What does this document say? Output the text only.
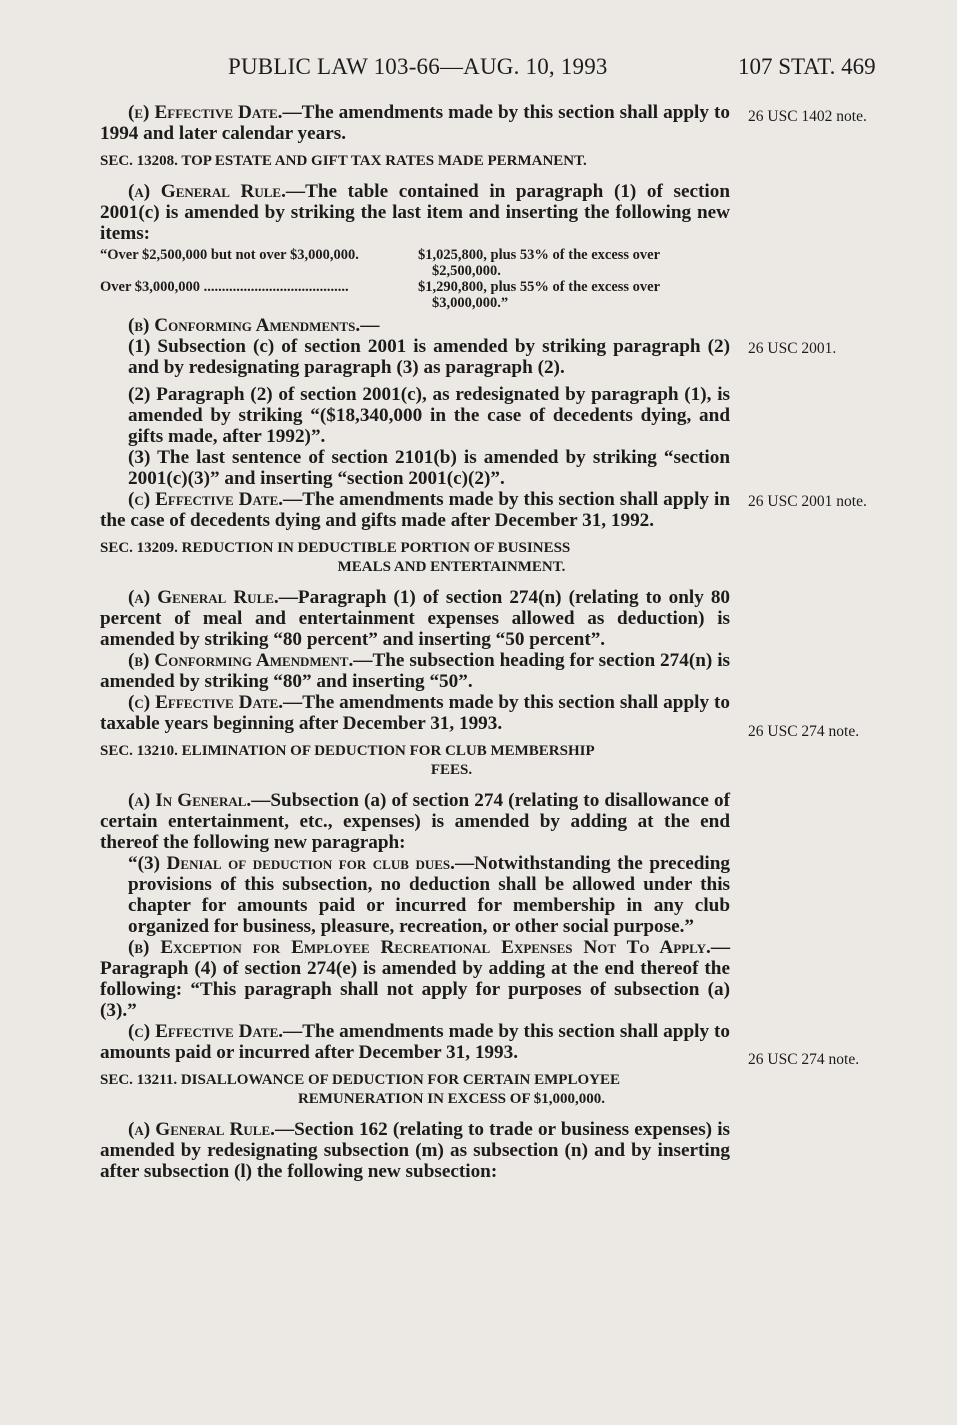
PUBLIC LAW 103-66—AUG. 10, 1993	107 STAT. 469
26 USC 1402 note.
26 USC 2001.
26 USC 2001 note.
26 USC 274 note.
26 USC 274 note.

(e) Effective Date.—The amendments made by this section shall apply to 1994 and later calendar years.

SEC. 13208. TOP ESTATE AND GIFT TAX RATES MADE PERMANENT.

(a) General Rule.—The table contained in paragraph (1) of section 2001(c) is amended by striking the last item and inserting the following new items:

“Over $2,500,000 but not over $3,000,000.	$1,025,800, plus 53% of the excess over $2,500,000.

Over $3,000,000 ........................................	$1,290,800, plus 55% of the excess over $3,000,000.”

(b) Conforming Amendments.—

(1) Subsection (c) of section 2001 is amended by striking paragraph (2) and by redesignating paragraph (3) as paragraph (2).

(2) Paragraph (2) of section 2001(c), as redesignated by paragraph (1), is amended by striking “($18,340,000 in the case of decedents dying, and gifts made, after 1992)”.

(3) The last sentence of section 2101(b) is amended by striking “section 2001(c)(3)” and inserting “section 2001(c)(2)”.

(c) Effective Date.—The amendments made by this section shall apply in the case of decedents dying and gifts made after December 31, 1992.

SEC. 13209. REDUCTION IN DEDUCTIBLE PORTION OF BUSINESS
MEALS AND ENTERTAINMENT.

(a) General Rule.—Paragraph (1) of section 274(n) (relating to only 80 percent of meal and entertainment expenses allowed as deduction) is amended by striking “80 percent” and inserting “50 percent”.

(b) Conforming Amendment.—The subsection heading for section 274(n) is amended by striking “80” and inserting “50”.

(c) Effective Date.—The amendments made by this section shall apply to taxable years beginning after December 31, 1993.

SEC. 13210. ELIMINATION OF DEDUCTION FOR CLUB MEMBERSHIP
FEES.

(a) In General.—Subsection (a) of section 274 (relating to disallowance of certain entertainment, etc., expenses) is amended by adding at the end thereof the following new paragraph:

“(3) Denial of deduction for club dues.—Notwithstanding the preceding provisions of this subsection, no deduction shall be allowed under this chapter for amounts paid or incurred for membership in any club organized for business, pleasure, recreation, or other social purpose.”

(b) Exception for Employee Recreational Expenses Not To Apply.—Paragraph (4) of section 274(e) is amended by adding at the end thereof the following: “This paragraph shall not apply for purposes of subsection (a)(3).”

(c) Effective Date.—The amendments made by this section shall apply to amounts paid or incurred after December 31, 1993.

SEC. 13211. DISALLOWANCE OF DEDUCTION FOR CERTAIN EMPLOYEE
REMUNERATION IN EXCESS OF $1,000,000.

(a) General Rule.—Section 162 (relating to trade or business expenses) is amended by redesignating subsection (m) as subsection (n) and by inserting after subsection (l) the following new subsection:
